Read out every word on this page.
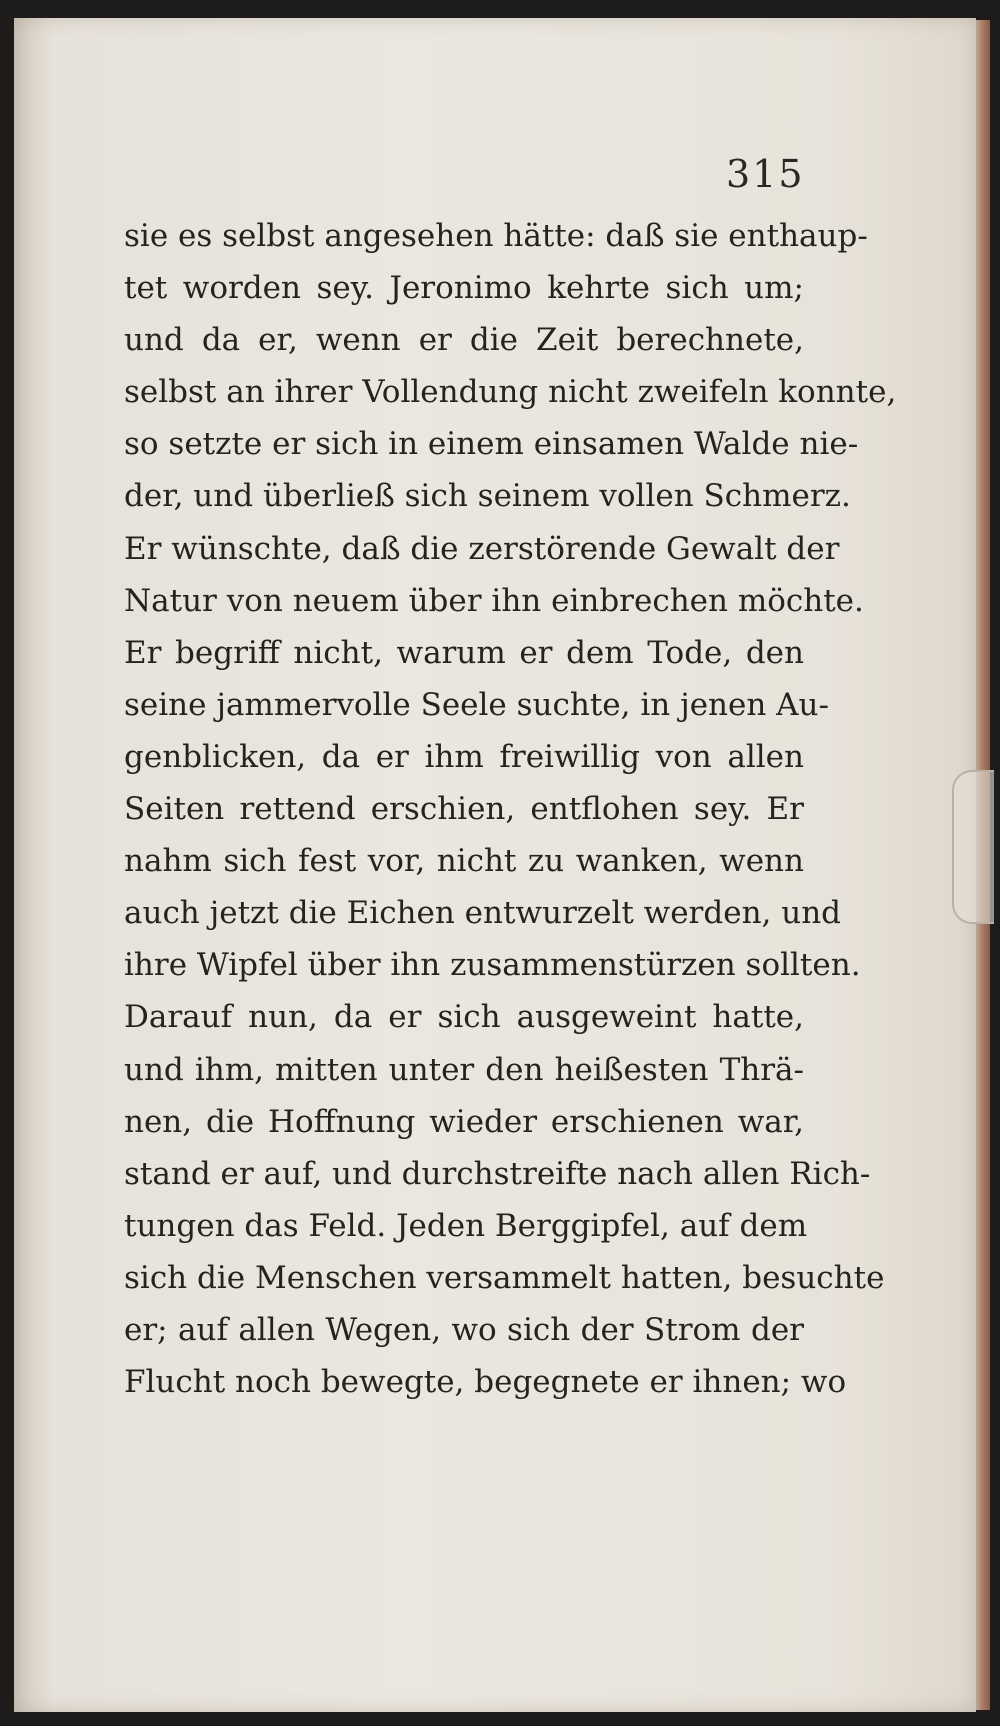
315
sie es selbst angesehen hätte: daß sie enthaup-
tet worden sey. Jeronimo kehrte sich um;
und da er, wenn er die Zeit berechnete,
selbst an ihrer Vollendung nicht zweifeln konnte,
so setzte er sich in einem einsamen Walde nie-
der, und überließ sich seinem vollen Schmerz.
Er wünschte, daß die zerstörende Gewalt der
Natur von neuem über ihn einbrechen möchte.
Er begriff nicht, warum er dem Tode, den
seine jammervolle Seele suchte, in jenen Au-
genblicken, da er ihm freiwillig von allen
Seiten rettend erschien, entflohen sey. Er
nahm sich fest vor, nicht zu wanken, wenn
auch jetzt die Eichen entwurzelt werden, und
ihre Wipfel über ihn zusammenstürzen sollten.
Darauf nun, da er sich ausgeweint hatte,
und ihm, mitten unter den heißesten Thrä-
nen, die Hoffnung wieder erschienen war,
stand er auf, und durchstreifte nach allen Rich-
tungen das Feld. Jeden Berggipfel, auf dem
sich die Menschen versammelt hatten, besuchte
er; auf allen Wegen, wo sich der Strom der
Flucht noch bewegte, begegnete er ihnen; wo
